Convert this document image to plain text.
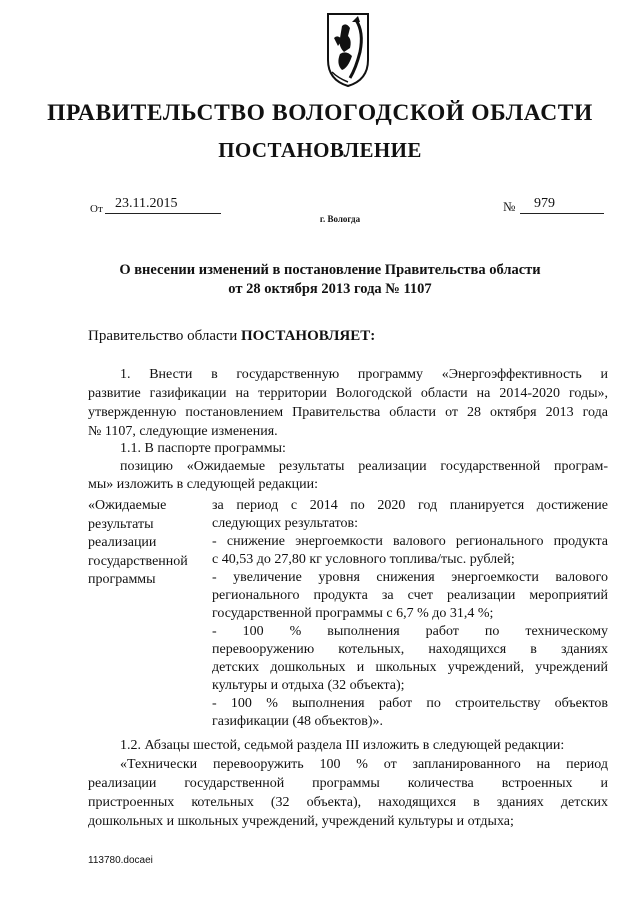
ПРАВИТЕЛЬСТВО ВОЛОГОДСКОЙ ОБЛАСТИ
ПОСТАНОВЛЕНИЕ
От 23.11.2015	№	979
г. Вологда
О внесении изменений в постановление Правительства области
от 28 октября 2013 года № 1107

Правительство области ПОСТАНОВЛЯЕТ:

1. Внести в государственную программу «Энергоэффективность и

развитие газификации на территории Вологодской области на 2014-2020 годы»,

утвержденную постановлением Правительства области от 28 октября 2013 года

№ 1107, следующие изменения.

1.1. В паспорте программы:

позицию «Ожидаемые результаты реализации государственной програм-

мы» изложить в следующей редакции:

«Ожидаемые
результаты
реализации
государственной
программы

за период с 2014 по 2020 год планируется достижение

следующих результатов:

- снижение энергоемкости валового регионального продукта

с 40,53 до 27,80 кг условного топлива/тыс. рублей;

- увеличение уровня снижения энергоемкости валового

регионального продукта за счет реализации мероприятий

государственной программы с 6,7 % до 31,4 %;

- 100 % выполнения работ по техническому

перевооружению котельных, находящихся в зданиях

детских дошкольных и школьных учреждений, учреждений

культуры и отдыха (32 объекта);

- 100 % выполнения работ по строительству объектов

газификации (48 объектов)».

1.2. Абзацы шестой, седьмой раздела III изложить в следующей редакции:

«Технически перевооружить 100 % от запланированного на период

реализации государственной программы количества встроенных и

пристроенных котельных (32 объекта), находящихся в зданиях детских

дошкольных и школьных учреждений, учреждений культуры и отдыха;

113780.docaei
